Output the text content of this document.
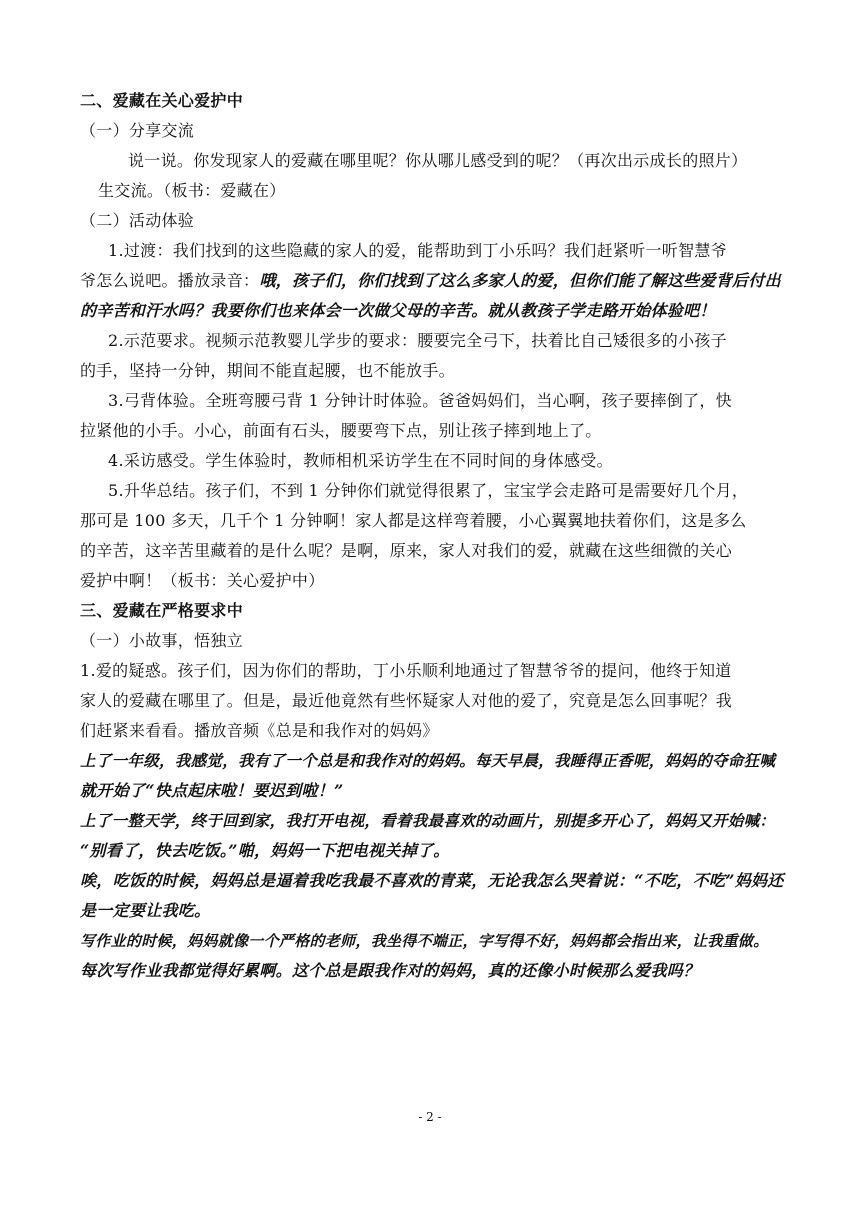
二、爱藏在关心爱护中
（一）分享交流
说一说。你发现家人的爱藏在哪里呢？你从哪儿感受到的呢？（再次出示成长的照片）
生交流。（板书：爱藏在）
（二）活动体验
1.过渡：我们找到的这些隐藏的家人的爱，能帮助到丁小乐吗？我们赶紧听一听智慧爷
爷怎么说吧。播放录音：哦，孩子们，你们找到了这么多家人的爱，但你们能了解这些爱背后付出
的辛苦和汗水吗？我要你们也来体会一次做父母的辛苦。就从教孩子学走路开始体验吧！
2.示范要求。视频示范教婴儿学步的要求：腰要完全弓下，扶着比自己矮很多的小孩子
的手，坚持一分钟，期间不能直起腰，也不能放手。
3.弓背体验。全班弯腰弓背 1 分钟计时体验。爸爸妈妈们，当心啊，孩子要摔倒了，快
拉紧他的小手。小心，前面有石头，腰要弯下点，别让孩子摔到地上了。
4.采访感受。学生体验时，教师相机采访学生在不同时间的身体感受。
5.升华总结。孩子们，不到 1 分钟你们就觉得很累了，宝宝学会走路可是需要好几个月，
那可是 100 多天，几千个 1 分钟啊！家人都是这样弯着腰，小心翼翼地扶着你们，这是多么
的辛苦，这辛苦里藏着的是什么呢？是啊，原来，家人对我们的爱，就藏在这些细微的关心
爱护中啊！（板书：关心爱护中）
三、爱藏在严格要求中
（一）小故事，悟独立
1.爱的疑惑。孩子们，因为你们的帮助，丁小乐顺利地通过了智慧爷爷的提问，他终于知道
家人的爱藏在哪里了。但是，最近他竟然有些怀疑家人对他的爱了，究竟是怎么回事呢？我
们赶紧来看看。播放音频《总是和我作对的妈妈》
上了一年级，我感觉，我有了一个总是和我作对的妈妈。每天早晨，我睡得正香呢，妈妈的夺命狂喊
就开始了“快点起床啦！要迟到啦！”
上了一整天学，终于回到家，我打开电视，看着我最喜欢的动画片，别提多开心了，妈妈又开始喊：
“别看了，快去吃饭。”啪，妈妈一下把电视关掉了。
唉，吃饭的时候，妈妈总是逼着我吃我最不喜欢的青菜，无论我怎么哭着说：“不吃，不吃”妈妈还
是一定要让我吃。
写作业的时候，妈妈就像一个严格的老师，我坐得不端正，字写得不好，妈妈都会指出来，让我重做。
每次写作业我都觉得好累啊。这个总是跟我作对的妈妈，真的还像小时候那么爱我吗？
- 2 -
